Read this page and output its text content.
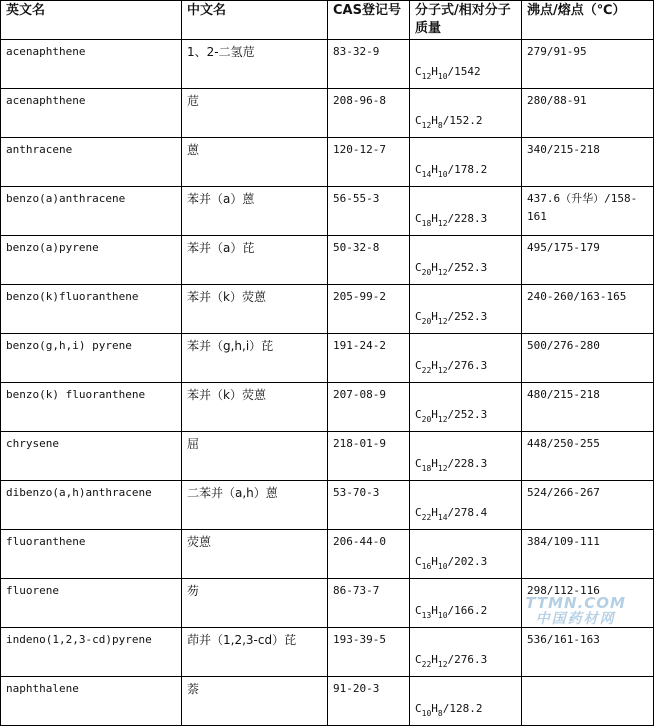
英文名	中文名	CAS登记号	分子式/相对分子质量	沸点/熔点（℃）
acenaphthene	1、2-二氢苊	83-32-9	$C_{12}H_{10}/1542$	279/91-95
acenaphthene	苊	208-96-8	$C_{12}H_8/152.2$	280/88-91
anthracene	蒽	120-12-7	$C_{14}H_{10}/178.2$	340/215-218
benzo(a)anthracene	苯并（a）蒽	56-55-3	$C_{18}H_{12}/228.3$	437.6（升华）/158-161
benzo(a)pyrene	苯并（a）芘	50-32-8	$C_{20}H_{12}/252.3$	495/175-179
benzo(k)fluoranthene	苯并（k）荧蒽	205-99-2	$C_{20}H_{12}/252.3$	240-260/163-165
benzo(g,h,i) pyrene	苯并（g,h,i）芘	191-24-2	$C_{22}H_{12}/276.3$	500/276-280
benzo(k) fluoranthene	苯并（k）荧蒽	207-08-9	$C_{20}H_{12}/252.3$	480/215-218
chrysene	屈	218-01-9	$C_{18}H_{12}/228.3$	448/250-255
dibenzo(a,h)anthracene	二苯并（a,h）蒽	53-70-3	$C_{22}H_{14}/278.4$	524/266-267
fluoranthene	荧蒽	206-44-0	$C_{16}H_{10}/202.3$	384/109-111
fluorene	芴	86-73-7	$C_{13}H_{10}/166.2$	298/112-116
indeno(1,2,3-cd)pyrene	茚并（1,2,3-cd）芘	193-39-5	$C_{22}H_{12}/276.3$	536/161-163
naphthalene	萘	91-20-3	$C_{10}H_8/128.2$	
TTMN.COM
中国药材网
